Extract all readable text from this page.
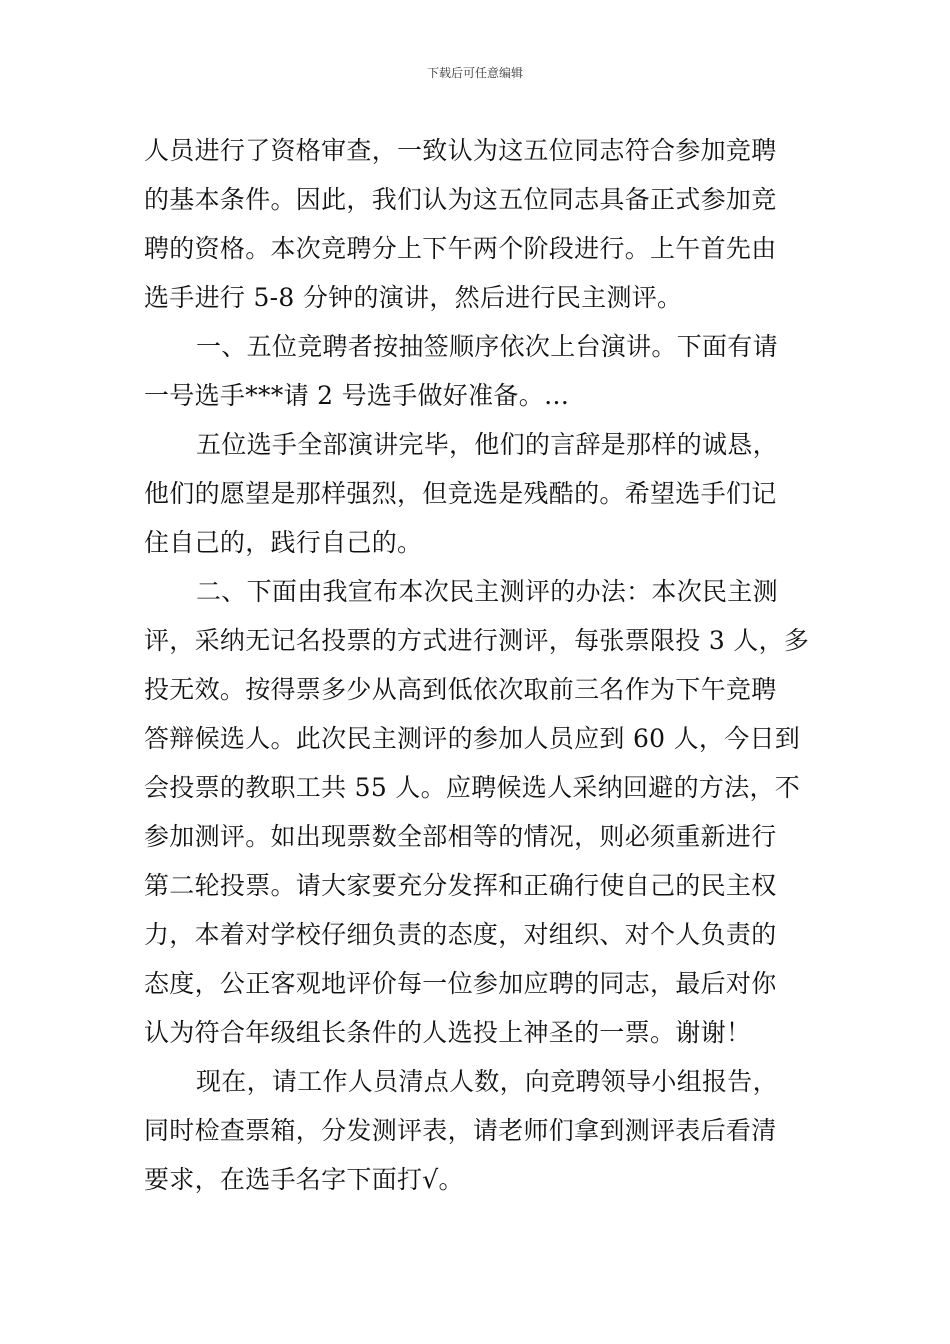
下载后可任意编辑
人员进行了资格审查，一致认为这五位同志符合参加竞聘
的基本条件。因此，我们认为这五位同志具备正式参加竞
聘的资格。本次竞聘分上下午两个阶段进行。上午首先由
选手进行 5-8 分钟的演讲，然后进行民主测评。
一、五位竞聘者按抽签顺序依次上台演讲。下面有请
一号选手***请 2 号选手做好准备。…
五位选手全部演讲完毕，他们的言辞是那样的诚恳，
他们的愿望是那样强烈，但竞选是残酷的。希望选手们记
住自己的，践行自己的。
二、下面由我宣布本次民主测评的办法：本次民主测
评，采纳无记名投票的方式进行测评，每张票限投 3 人，多
投无效。按得票多少从高到低依次取前三名作为下午竞聘
答辩候选人。此次民主测评的参加人员应到 60 人，今日到
会投票的教职工共 55 人。应聘候选人采纳回避的方法，不
参加测评。如出现票数全部相等的情况，则必须重新进行
第二轮投票。请大家要充分发挥和正确行使自己的民主权
力，本着对学校仔细负责的态度，对组织、对个人负责的
态度，公正客观地评价每一位参加应聘的同志，最后对你
认为符合年级组长条件的人选投上神圣的一票。谢谢！
现在，请工作人员清点人数，向竞聘领导小组报告，
同时检查票箱，分发测评表，请老师们拿到测评表后看清
要求，在选手名字下面打√。
